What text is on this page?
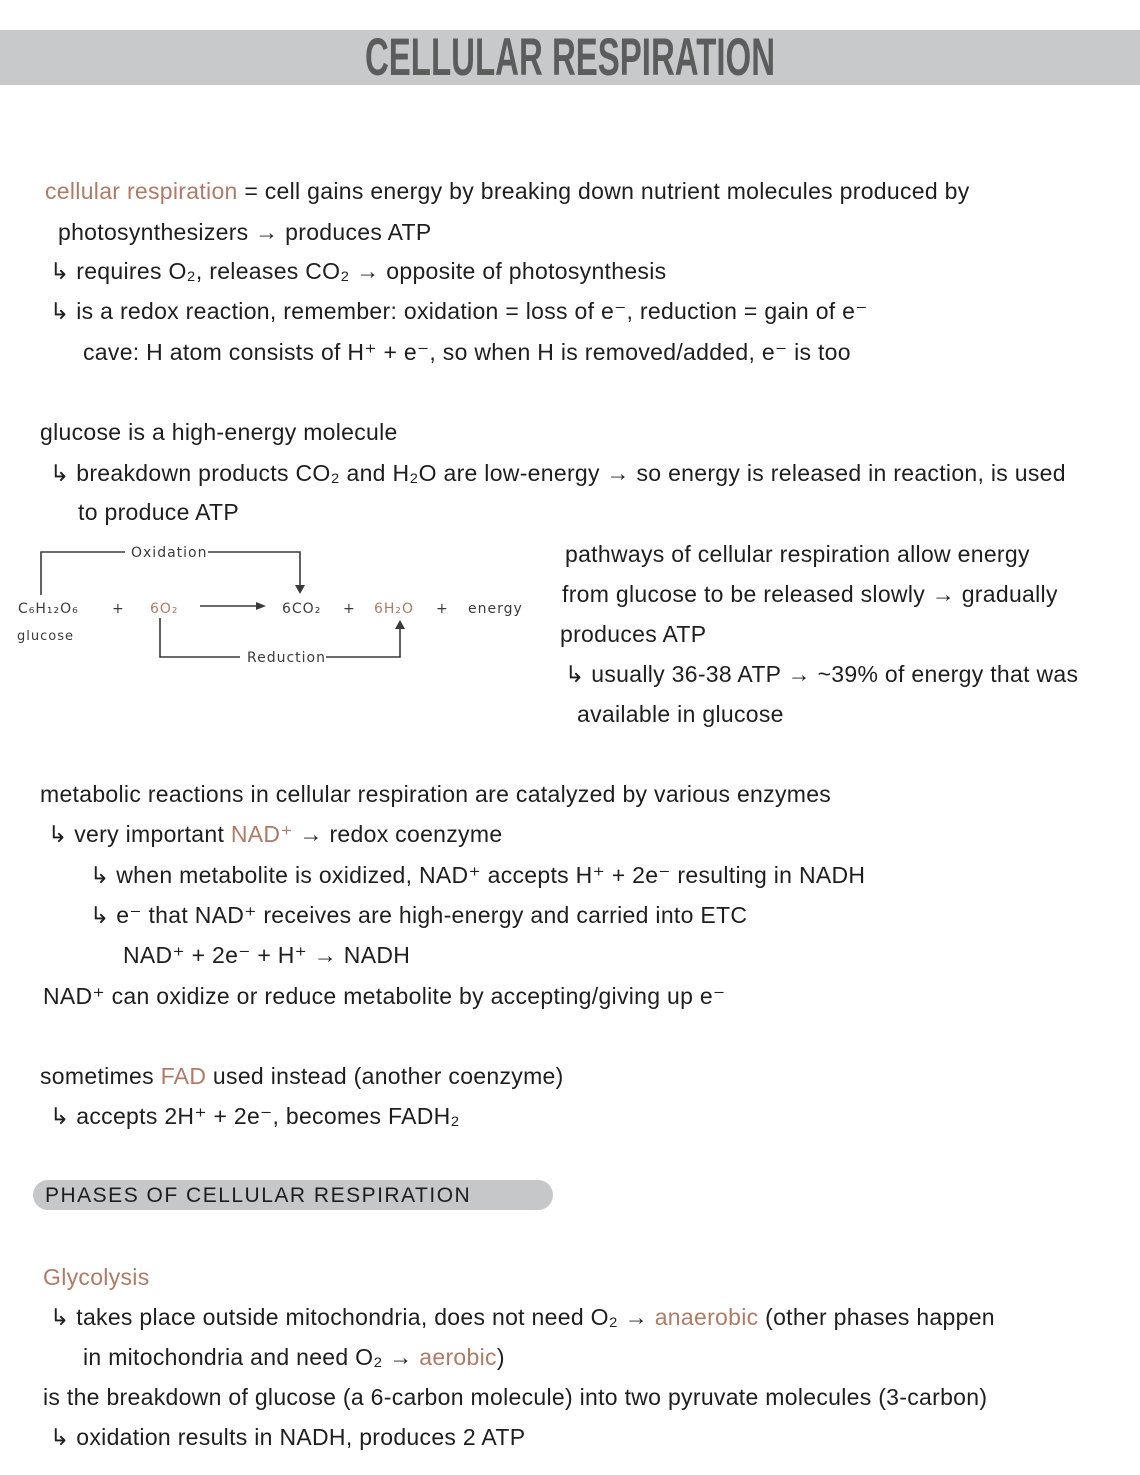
CELLULAR RESPIRATION
cellular respiration = cell gains energy by breaking down nutrient molecules produced by
photosynthesizers → produces ATP
↳ requires O₂, releases CO₂ → opposite of photosynthesis
↳ is a redox reaction, remember: oxidation = loss of e⁻, reduction = gain of e⁻
cave: H atom consists of H⁺ + e⁻, so when H is removed/added, e⁻ is too
glucose is a high-energy molecule
↳ breakdown products CO₂ and H₂O are low-energy → so energy is released in reaction, is used
to produce ATP
Oxidation
C₆H₁₂O₆
glucose
+ 6O₂	6CO₂ + 6H₂O + energy
Reduction
pathways of cellular respiration allow energy
from glucose to be released slowly → gradually
produces ATP
↳ usually 36-38 ATP → ~39% of energy that was
available in glucose
metabolic reactions in cellular respiration are catalyzed by various enzymes
↳ very important NAD⁺ → redox coenzyme
↳ when metabolite is oxidized, NAD⁺ accepts H⁺ + 2e⁻ resulting in NADH
↳ e⁻ that NAD⁺ receives are high-energy and carried into ETC
NAD⁺ + 2e⁻ + H⁺ → NADH
NAD⁺ can oxidize or reduce metabolite by accepting/giving up e⁻
sometimes FAD used instead (another coenzyme)
↳ accepts 2H⁺ + 2e⁻, becomes FADH₂
PHASES OF CELLULAR RESPIRATION
Glycolysis
↳ takes place outside mitochondria, does not need O₂ → anaerobic (other phases happen
in mitochondria and need O₂ → aerobic)
is the breakdown of glucose (a 6-carbon molecule) into two pyruvate molecules (3-carbon)
↳ oxidation results in NADH, produces 2 ATP
